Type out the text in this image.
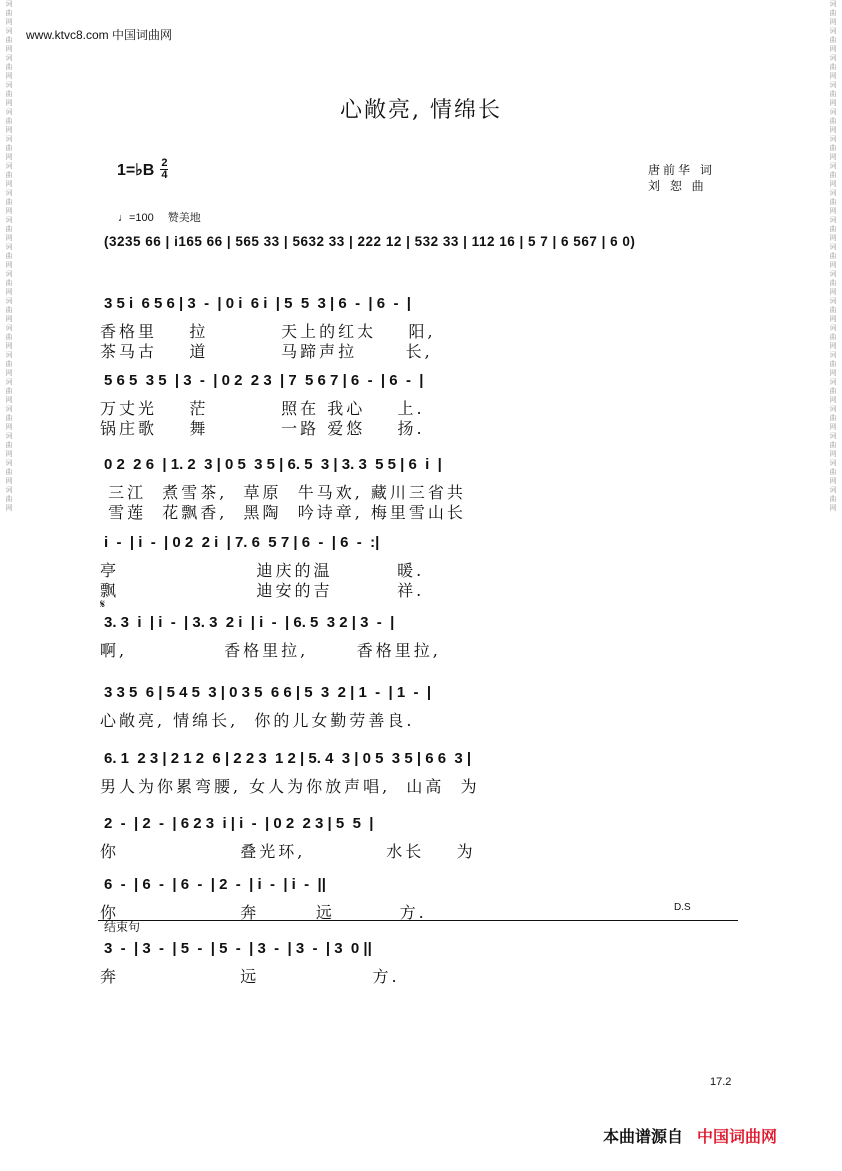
词
曲
网
词
曲
网
词
曲
网
词
曲
网
词
曲
网
词
曲
网
词
曲
网
词
曲
网
词
曲
网
词
曲
网
词
曲
网
词
曲
网
词
曲
网
词
曲
网
词
曲
网
词
曲
网
词
曲
网
词
曲
网
词
曲
网
词
曲
网
词
曲
网
词
曲
网
词
曲
网
词
曲
网
词
曲
网
词
曲
网
词
曲
网
词
曲
网
词
曲
网
词
曲
网
词
曲
网
词
曲
网
词
曲
网
词
曲
网
词
曲
网
词
曲
网
词
曲
网
词
曲
网
www.ktvc8.com 中国词曲网
心敞亮, 情绵长
1=♭B $\frac{2}{4}$	唐前华 词
刘 恕 曲
♩=100 赞美地
(3235 66 | i165 66 | 565 33 | 5632 33 | 222 12 | 532 33 | 112 16 | 5 7 | 6 567 | 6 0)
3 5 i  6 5 6 | 3  -  | 0 i  6 i  | 5  5  3 | 6  -  | 6  -  |
香格里    拉         天上的红太    阳,
茶马古    道         马蹄声拉      长,
5 6 5  3 5  | 3  -  | 0 2  2 3  | 7  5 6 7 | 6  -  | 6  -  |
万丈光    茫         照在 我心    上.
锅庄歌    舞         一路 爱悠    扬.
0 2  2 6  | 1. 2  3 | 0 5  3 5 | 6. 5  3 | 3. 3  5 5 | 6  i  |
三江  煮雪茶,  草原  牛马欢, 藏川三省共
雪莲  花飘香,  黑陶  吟诗章, 梅里雪山长
i  -  | i  -  | 0 2  2 i  | 7. 6  5 7 | 6  -  | 6  -  :|
亭                 迪庆的温        暖.
飘                 迪安的吉        祥.
3. 3  i  | i  -  | 3. 3  2 i  | i  -  | 6. 5  3 2 | 3  -  |
啊,            香格里拉,      香格里拉,
3 3 5  6 | 5 4 5  3 | 0 3 5  6 6 | 5  3  2 | 1  -  | 1  -  |
心敞亮, 情绵长,  你的儿女勤劳善良.
6. 1  2 3 | 2 1 2  6 | 2 2 3  1 2 | 5. 4  3 | 0 5  3 5 | 6 6  3 |
男人为你累弯腰, 女人为你放声唱,  山高  为
2  -  | 2  -  | 6 2 3  i | i  -  | 0 2  2 3 | 5  5  |
你               叠光环,          水长    为
6  -  | 6  -  | 6  -  | 2  -  | i  -  | i  -  ||
你               奔       远        方.
3  -  | 3  -  | 5  -  | 5  -  | 3  -  | 3  -  | 3  0 ||
奔               远              方.
𝄋
结束句
D.S
17.2
本曲谱源自 中国词曲网
